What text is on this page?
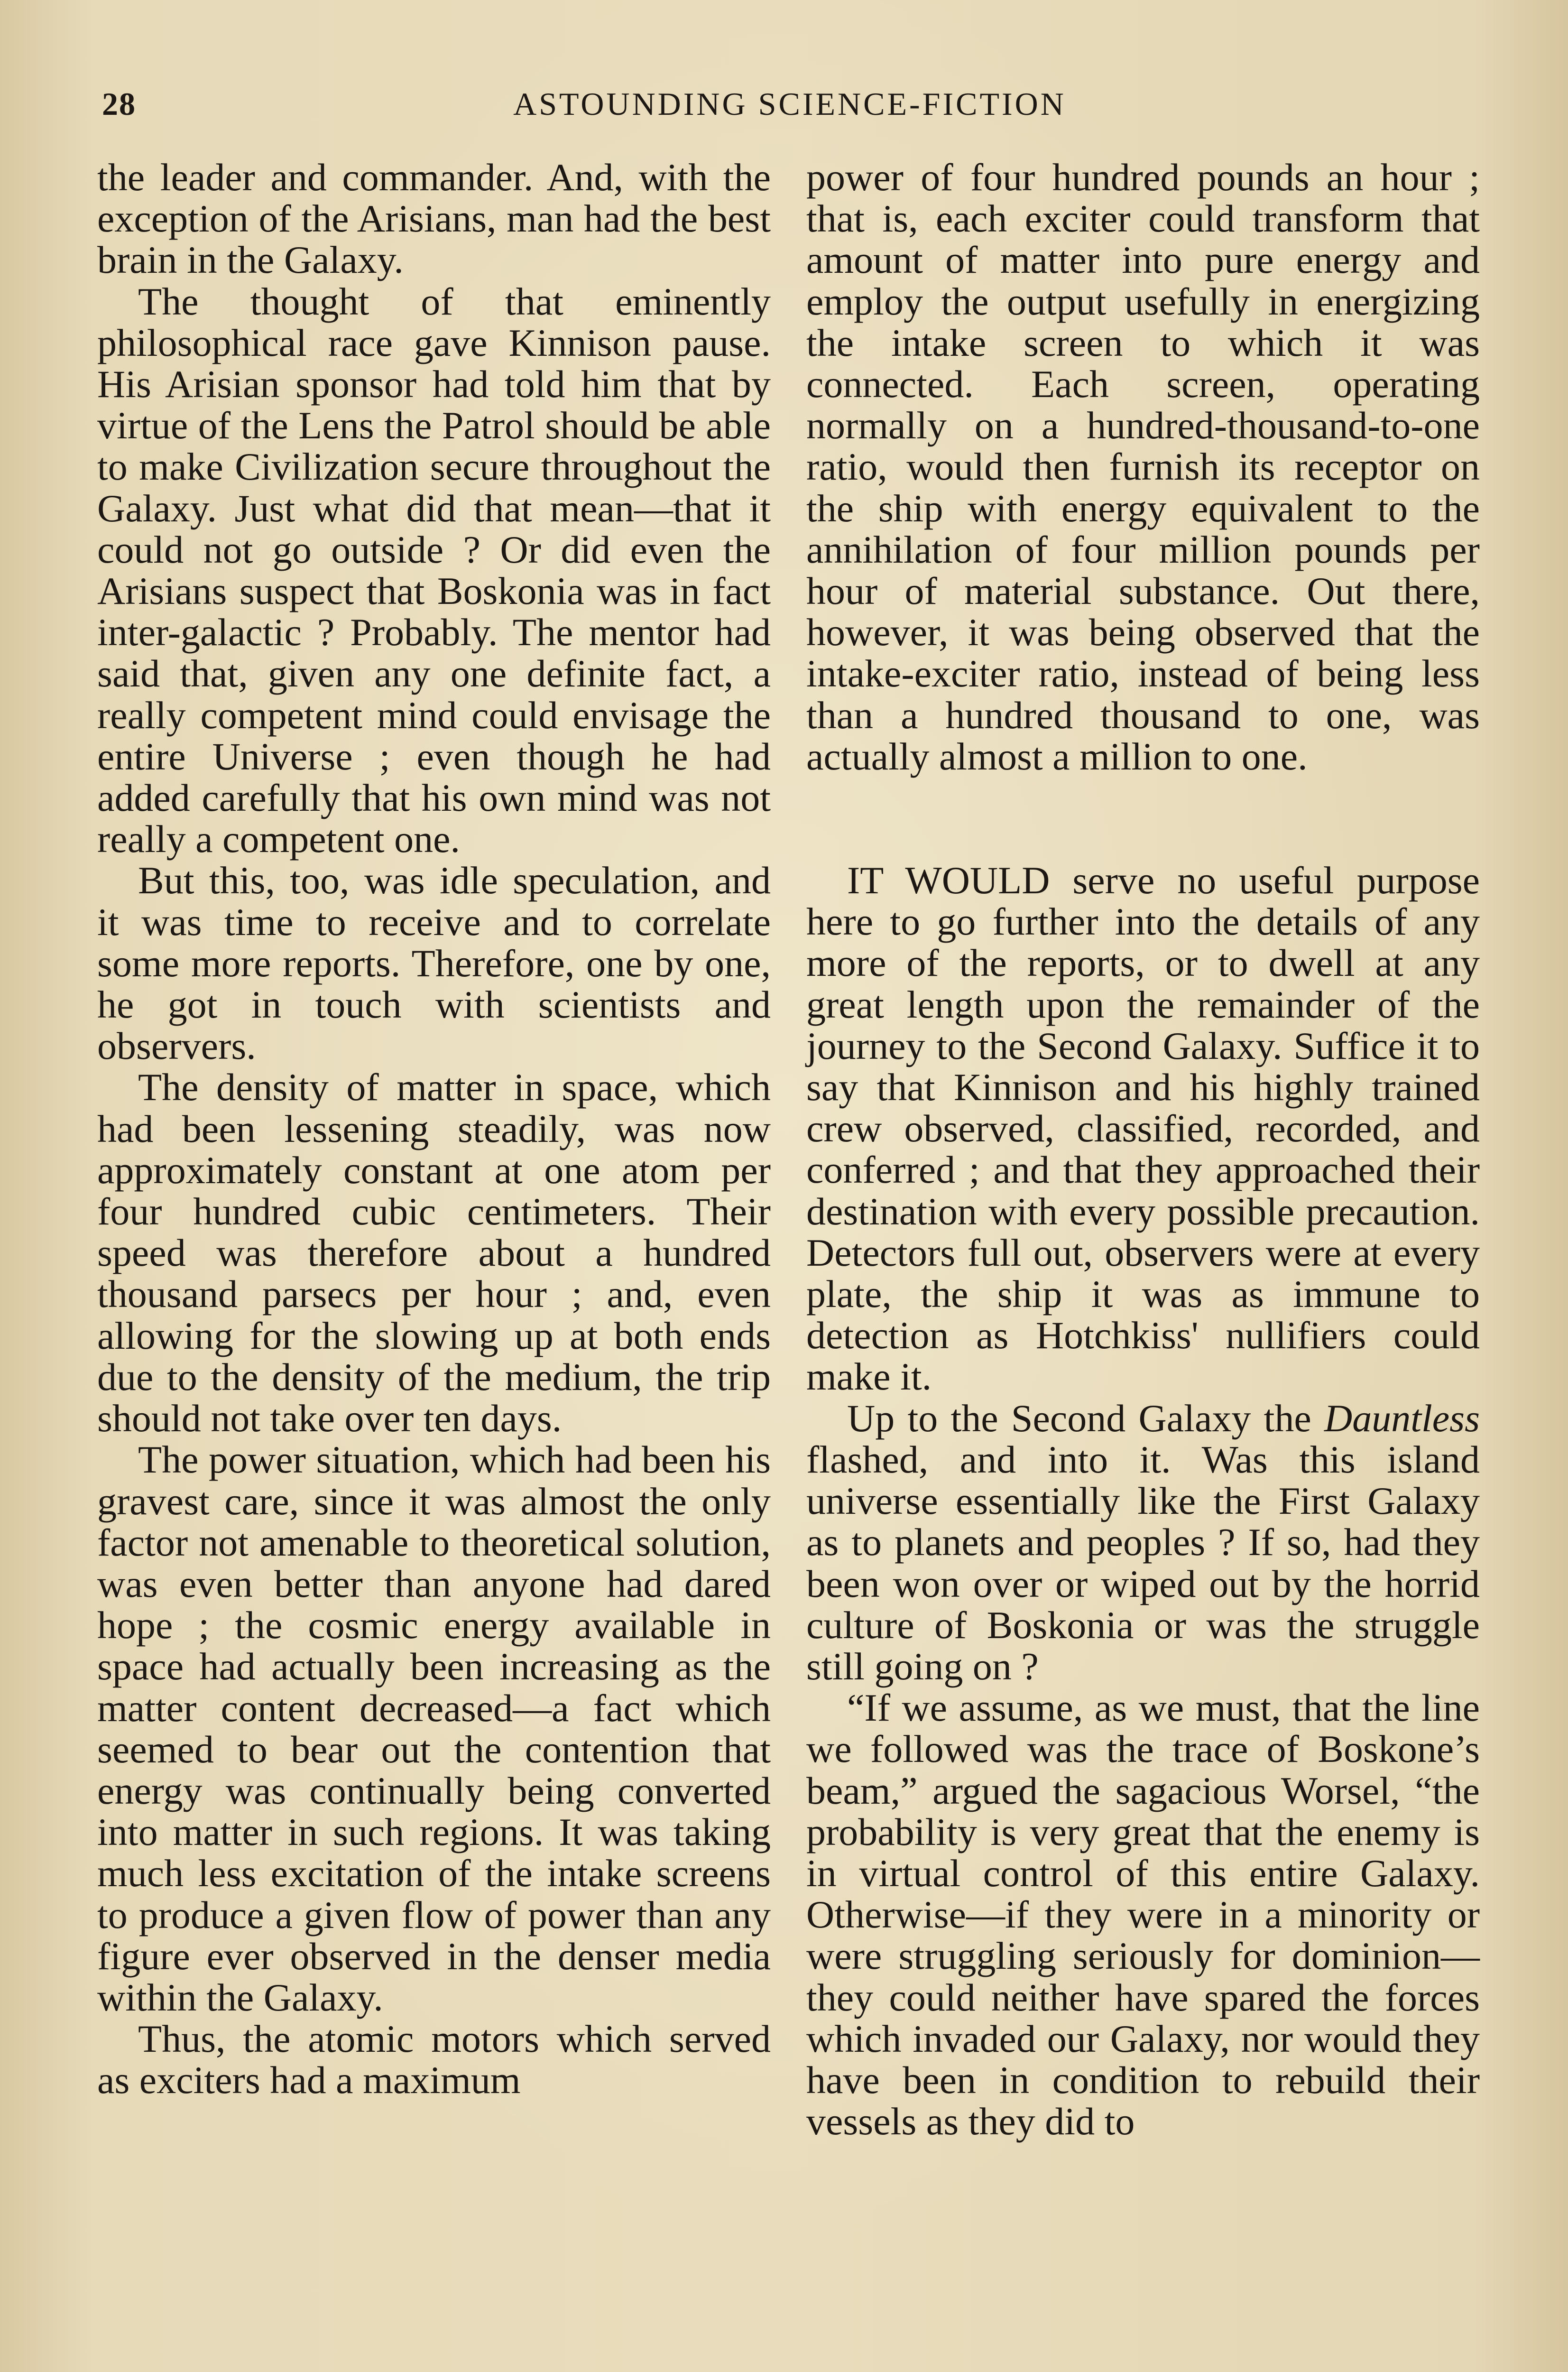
28	ASTOUNDING SCIENCE-FICTION

the leader and commander. And, with the exception of the Arisians, man had the best brain in the Galaxy.

The thought of that eminently philosophical race gave Kinnison pause. His Arisian sponsor had told him that by virtue of the Lens the Patrol should be able to make Civilization secure throughout the Galaxy. Just what did that mean—that it could not go outside ? Or did even the Arisians suspect that Boskonia was in fact inter-galactic ? Probably. The mentor had said that, given any one definite fact, a really competent mind could envisage the entire Universe ; even though he had added carefully that his own mind was not really a competent one.

But this, too, was idle speculation, and it was time to receive and to correlate some more reports. Therefore, one by one, he got in touch with scientists and observers.

The density of matter in space, which had been lessening steadily, was now approximately constant at one atom per four hundred cubic centimeters. Their speed was therefore about a hundred thousand parsecs per hour ; and, even allowing for the slowing up at both ends due to the density of the medium, the trip should not take over ten days.

The power situation, which had been his gravest care, since it was almost the only factor not amenable to theoretical solution, was even better than anyone had dared hope ; the cosmic energy available in space had actually been increasing as the matter content decreased—a fact which seemed to bear out the contention that energy was continually being converted into matter in such regions. It was taking much less excitation of the intake screens to produce a given flow of power than any figure ever observed in the denser media within the Galaxy.

Thus, the atomic motors which served as exciters had a maximum

power of four hundred pounds an hour ; that is, each exciter could transform that amount of matter into pure energy and employ the output usefully in energizing the intake screen to which it was connected. Each screen, operating normally on a hundred-thousand-to-one ratio, would then furnish its receptor on the ship with energy equivalent to the annihilation of four million pounds per hour of material substance. Out there, however, it was being observed that the intake-exciter ratio, instead of being less than a hundred thousand to one, was actually almost a million to one.

IT WOULD serve no useful purpose here to go further into the details of any more of the reports, or to dwell at any great length upon the remainder of the journey to the Second Galaxy. Suffice it to say that Kinnison and his highly trained crew observed, classified, recorded, and conferred ; and that they approached their destination with every possible precaution. Detectors full out, observers were at every plate, the ship it was as immune to detection as Hotchkiss' nullifiers could make it.

Up to the Second Galaxy the Dauntless flashed, and into it. Was this island universe essentially like the First Galaxy as to planets and peoples ? If so, had they been won over or wiped out by the horrid culture of Boskonia or was the struggle still going on ?

“If we assume, as we must, that the line we followed was the trace of Boskone’s beam,” argued the sagacious Worsel, “the probability is very great that the enemy is in virtual control of this entire Galaxy. Otherwise—if they were in a minority or were struggling seriously for dominion—they could neither have spared the forces which invaded our Galaxy, nor would they have been in condition to rebuild their vessels as they did to
